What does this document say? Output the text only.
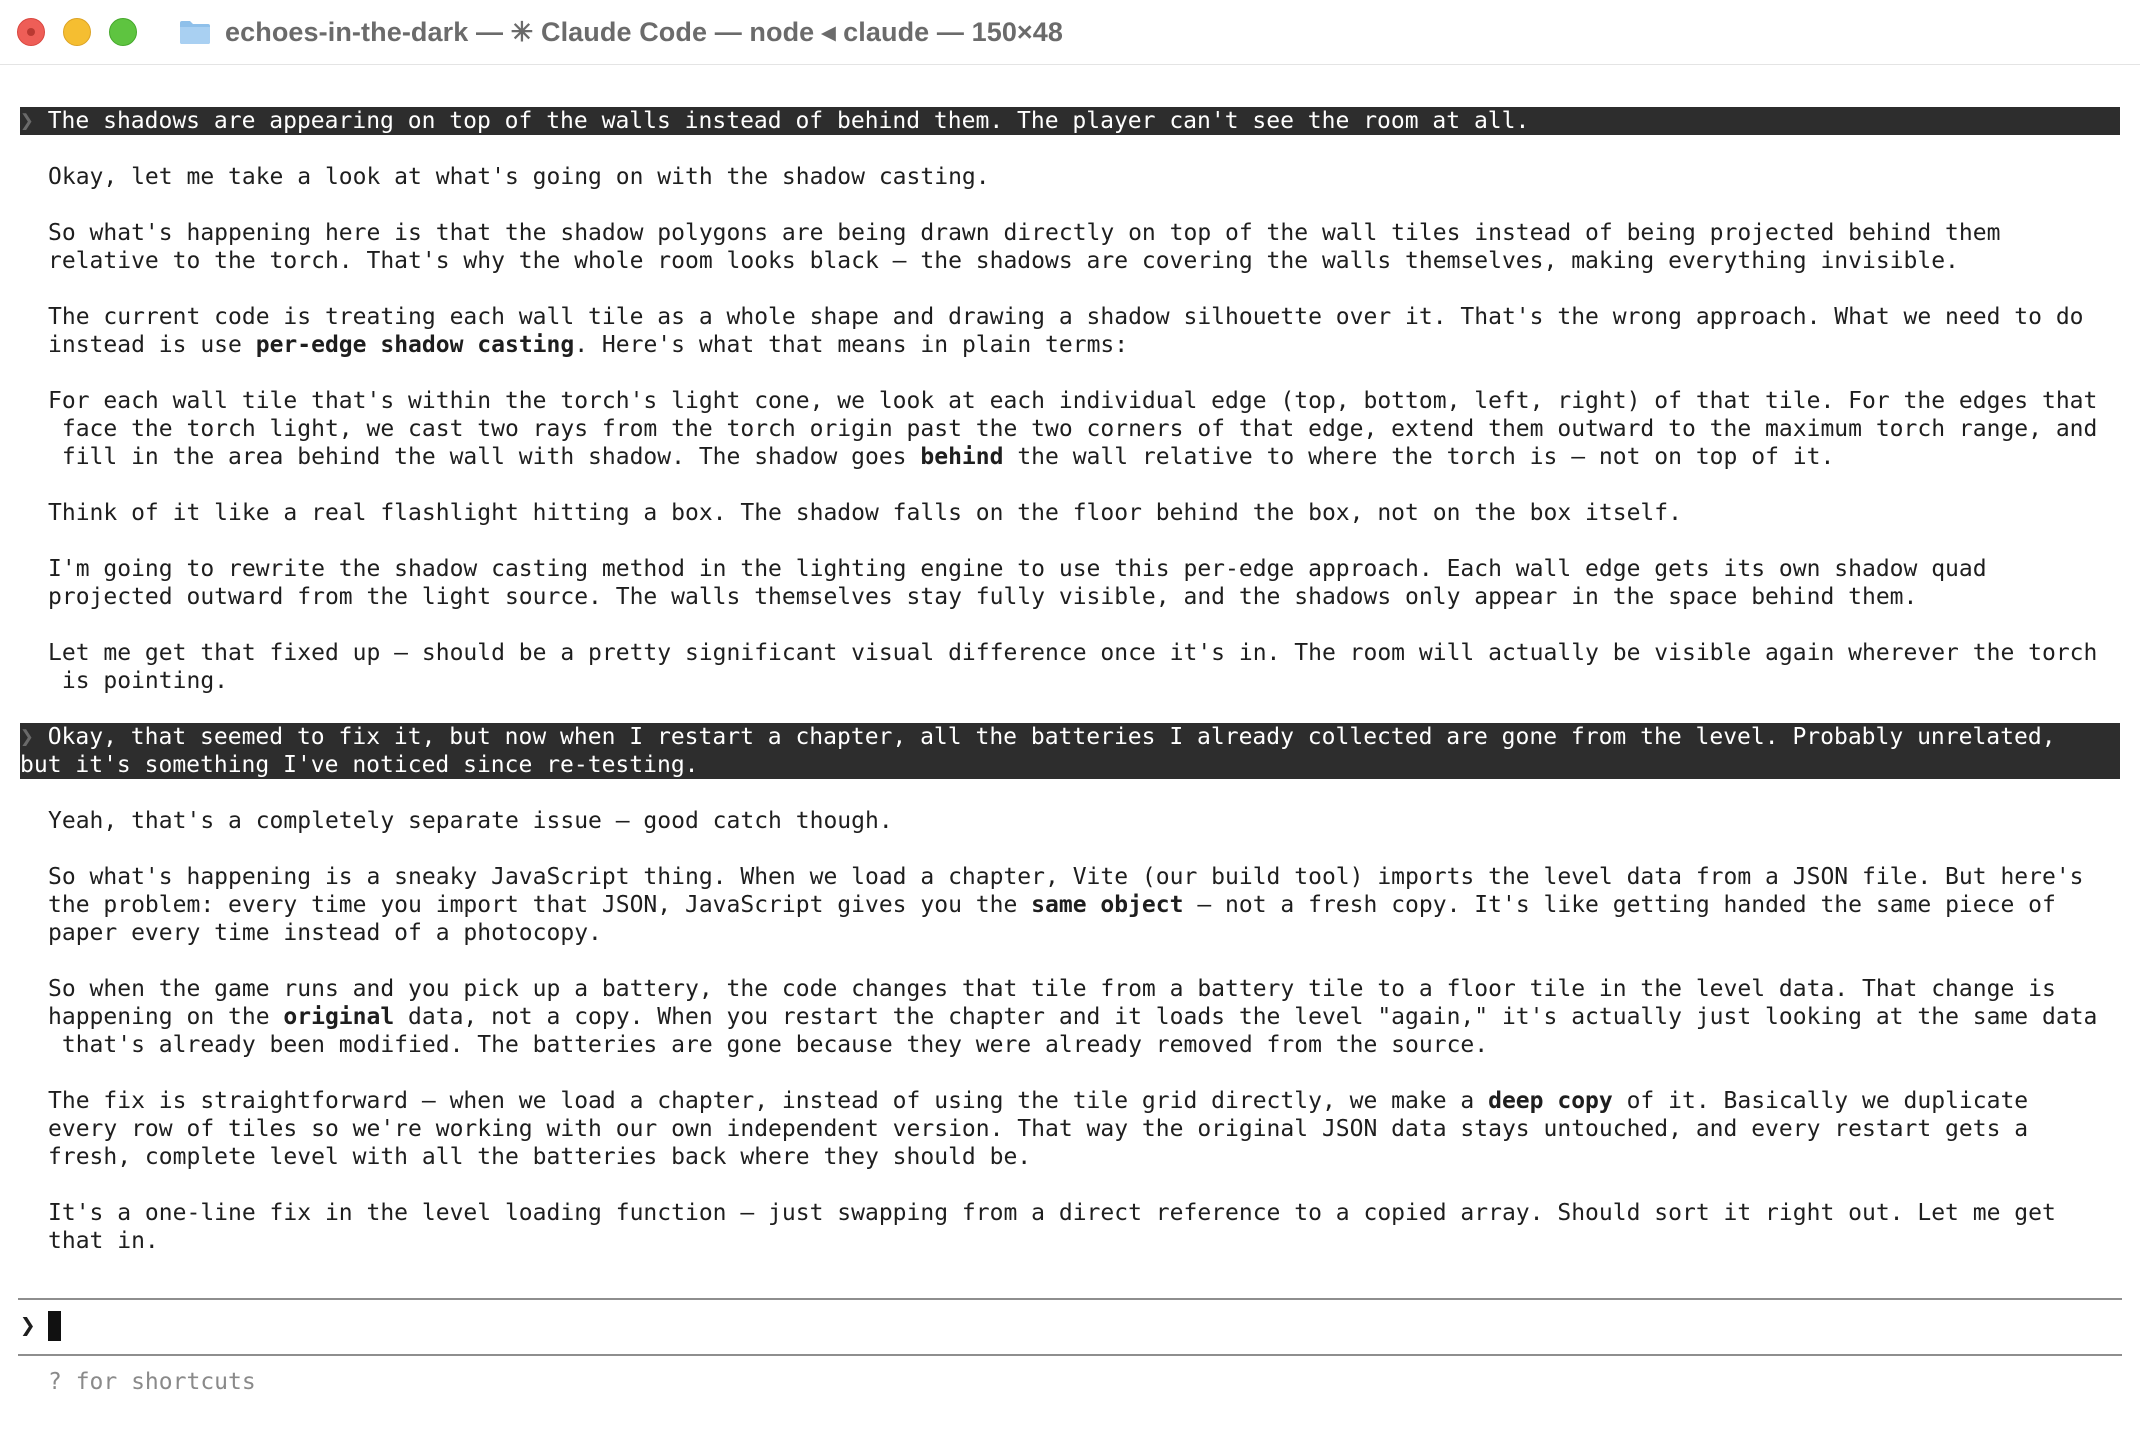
echoes-in-the-dark — ✳ Claude Code — node ◂ claude — 150×48
❯ The shadows are appearing on top of the walls instead of behind them. The player can't see the room at all.
Okay, let me take a look at what's going on with the shadow casting.
So what's happening here is that the shadow polygons are being drawn directly on top of the wall tiles instead of being projected behind them
relative to the torch. That's why the whole room looks black — the shadows are covering the walls themselves, making everything invisible.
The current code is treating each wall tile as a whole shape and drawing a shadow silhouette over it. That's the wrong approach. What we need to do
instead is use per-edge shadow casting. Here's what that means in plain terms:
For each wall tile that's within the torch's light cone, we look at each individual edge (top, bottom, left, right) of that tile. For the edges that
face the torch light, we cast two rays from the torch origin past the two corners of that edge, extend them outward to the maximum torch range, and
fill in the area behind the wall with shadow. The shadow goes behind the wall relative to where the torch is — not on top of it.
Think of it like a real flashlight hitting a box. The shadow falls on the floor behind the box, not on the box itself.
I'm going to rewrite the shadow casting method in the lighting engine to use this per-edge approach. Each wall edge gets its own shadow quad
projected outward from the light source. The walls themselves stay fully visible, and the shadows only appear in the space behind them.
Let me get that fixed up — should be a pretty significant visual difference once it's in. The room will actually be visible again wherever the torch
is pointing.
❯ Okay, that seemed to fix it, but now when I restart a chapter, all the batteries I already collected are gone from the level. Probably unrelated,
but it's something I've noticed since re-testing.
Yeah, that's a completely separate issue — good catch though.
So what's happening is a sneaky JavaScript thing. When we load a chapter, Vite (our build tool) imports the level data from a JSON file. But here's
the problem: every time you import that JSON, JavaScript gives you the same object — not a fresh copy. It's like getting handed the same piece of
paper every time instead of a photocopy.
So when the game runs and you pick up a battery, the code changes that tile from a battery tile to a floor tile in the level data. That change is
happening on the original data, not a copy. When you restart the chapter and it loads the level "again," it's actually just looking at the same data
that's already been modified. The batteries are gone because they were already removed from the source.
The fix is straightforward — when we load a chapter, instead of using the tile grid directly, we make a deep copy of it. Basically we duplicate
every row of tiles so we're working with our own independent version. That way the original JSON data stays untouched, and every restart gets a
fresh, complete level with all the batteries back where they should be.
It's a one-line fix in the level loading function — just swapping from a direct reference to a copied array. Should sort it right out. Let me get
that in.
❯
? for shortcuts
